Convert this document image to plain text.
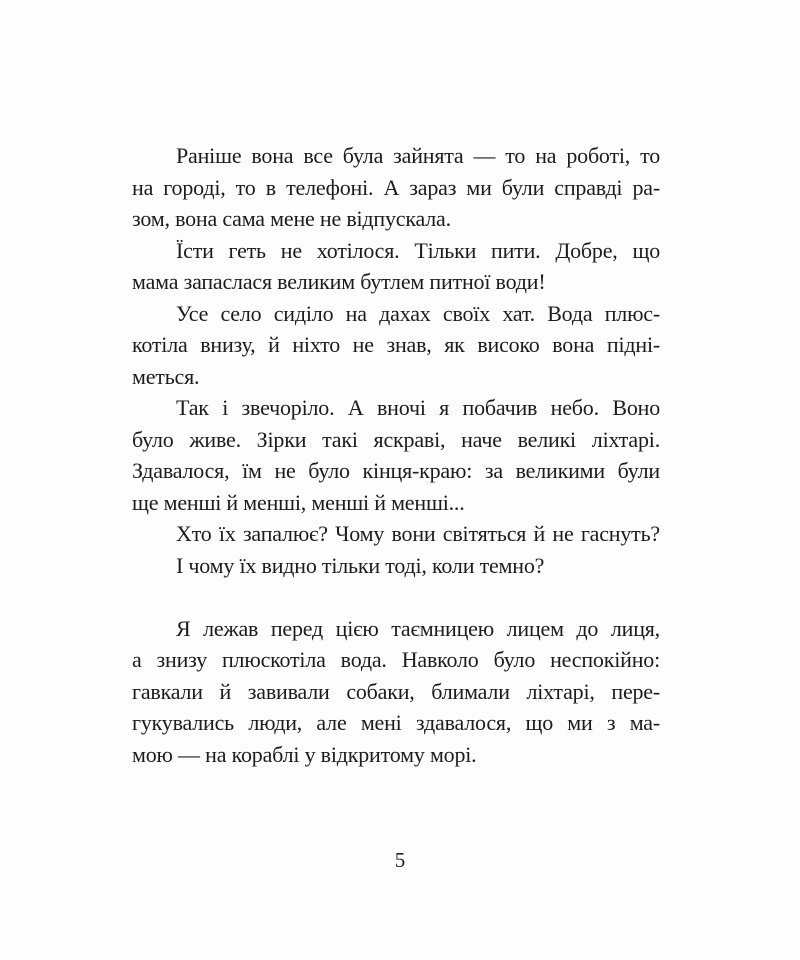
Раніше вона все була зайнята — то на роботі, то
на городі, то в телефоні. А зараз ми були справді ра-
зом, вона сама мене не відпускала.

Їсти геть не хотілося. Тільки пити. Добре, що
мама запаслася великим бутлем питної води!

Усе село сиділо на дахах своїх хат. Вода плюс-
котіла внизу, й ніхто не знав, як високо вона підні-
меться.

Так і звечоріло. А вночі я побачив небо. Воно
було живе. Зірки такі яскраві, наче великі ліхтарі.
Здавалося, їм не було кінця-краю: за великими були
ще менші й менші, менші й менші...

Хто їх запалює? Чому вони світяться й не гаснуть?

І чому їх видно тільки тоді, коли темно?

Я лежав перед цією таємницею лицем до лиця,
а знизу плюскотіла вода. Навколо було неспокійно:
гавкали й завивали собаки, блимали ліхтарі, пере-
гукувались люди, але мені здавалося, що ми з ма-
мою — на кораблі у відкритому морі.

5
